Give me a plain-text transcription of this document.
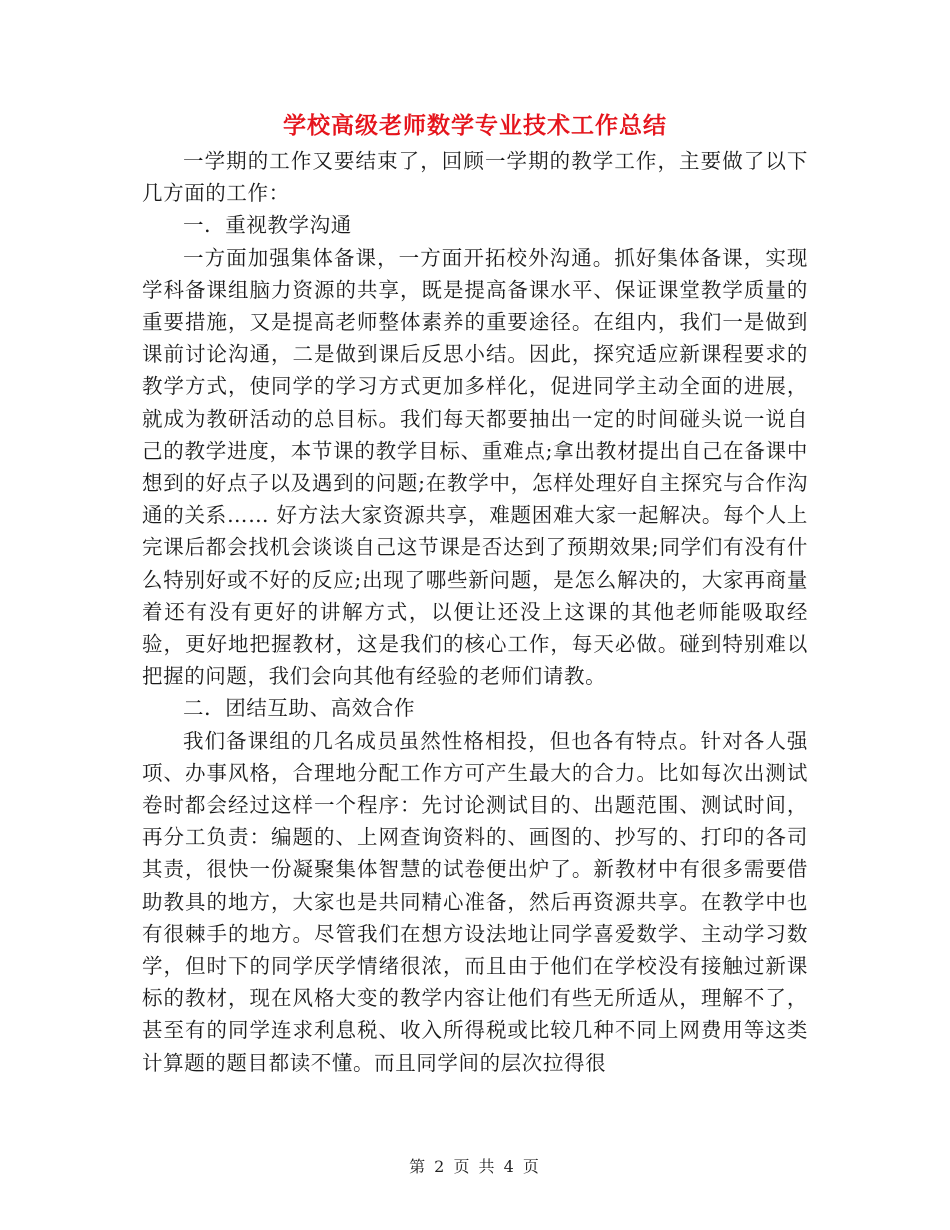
学校高级老师数学专业技术工作总结

一学期的工作又要结束了，回顾一学期的教学工作，主要做了以下几方面的工作：

一．重视教学沟通

一方面加强集体备课，一方面开拓校外沟通。抓好集体备课，实现学科备课组脑力资源的共享，既是提高备课水平、保证课堂教学质量的重要措施，又是提高老师整体素养的重要途径。在组内，我们一是做到课前讨论沟通，二是做到课后反思小结。因此，探究适应新课程要求的教学方式，使同学的学习方式更加多样化，促进同学主动全面的进展，就成为教研活动的总目标。我们每天都要抽出一定的时间碰头说一说自己的教学进度，本节课的教学目标、重难点;拿出教材提出自己在备课中想到的好点子以及遇到的问题;在教学中，怎样处理好自主探究与合作沟通的关系…… 好方法大家资源共享，难题困难大家一起解决。每个人上完课后都会找机会谈谈自己这节课是否达到了预期效果;同学们有没有什么特别好或不好的反应;出现了哪些新问题，是怎么解决的，大家再商量着还有没有更好的讲解方式，以便让还没上这课的其他老师能吸取经验，更好地把握教材，这是我们的核心工作，每天必做。碰到特别难以把握的问题，我们会向其他有经验的老师们请教。

二．团结互助、高效合作

我们备课组的几名成员虽然性格相投，但也各有特点。针对各人强项、办事风格，合理地分配工作方可产生最大的合力。比如每次出测试卷时都会经过这样一个程序：先讨论测试目的、出题范围、测试时间，再分工负责：编题的、上网查询资料的、画图的、抄写的、打印的各司其责，很快一份凝聚集体智慧的试卷便出炉了。新教材中有很多需要借助教具的地方，大家也是共同精心准备，然后再资源共享。在教学中也有很棘手的地方。尽管我们在想方设法地让同学喜爱数学、主动学习数学，但时下的同学厌学情绪很浓，而且由于他们在学校没有接触过新课标的教材，现在风格大变的教学内容让他们有些无所适从，理解不了，甚至有的同学连求利息税、收入所得税或比较几种不同上网费用等这类计算题的题目都读不懂。而且同学间的层次拉得很

第 2 页 共 4 页
